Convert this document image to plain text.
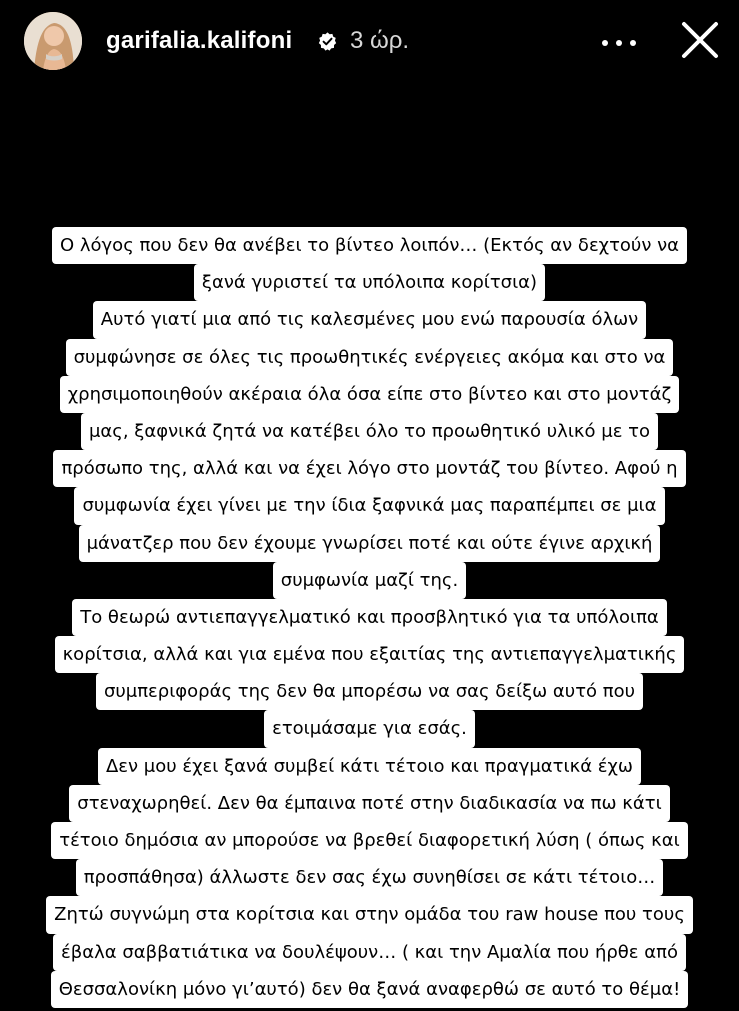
garifalia.kalifoni 3 ώρ.
Ο λόγος που δεν θα ανέβει το βίντεο λοιπόν… (Εκτός αν δεχτούν να
ξανά γυριστεί τα υπόλοιπα κορίτσια)
Αυτό γιατί μια από τις καλεσμένες μου ενώ παρουσία όλων
συμφώνησε σε όλες τις προωθητικές ενέργειες ακόμα και στο να
χρησιμοποιηθούν ακέραια όλα όσα είπε στο βίντεο και στο μοντάζ
μας, ξαφνικά ζητά να κατέβει όλο το προωθητικό υλικό με το
πρόσωπο της, αλλά και να έχει λόγο στο μοντάζ του βίντεο. Αφού η
συμφωνία έχει γίνει με την ίδια ξαφνικά μας παραπέμπει σε μια
μάνατζερ που δεν έχουμε γνωρίσει ποτέ και ούτε έγινε αρχική
συμφωνία μαζί της.
Το θεωρώ αντιεπαγγελματικό και προσβλητικό για τα υπόλοιπα
κορίτσια, αλλά και για εμένα που εξαιτίας της αντιεπαγγελματικής
συμπεριφοράς της δεν θα μπορέσω να σας δείξω αυτό που
ετοιμάσαμε για εσάς.
Δεν μου έχει ξανά συμβεί κάτι τέτοιο και πραγματικά έχω
στεναχωρηθεί. Δεν θα έμπαινα ποτέ στην διαδικασία να πω κάτι
τέτοιο δημόσια αν μπορούσε να βρεθεί διαφορετική λύση ( όπως και
προσπάθησα) άλλωστε δεν σας έχω συνηθίσει σε κάτι τέτοιο…
Ζητώ συγνώμη στα κορίτσια και στην ομάδα του raw house που τους
έβαλα σαββατιάτικα να δουλέψουν… ( και την Αμαλία που ήρθε από
Θεσσαλονίκη μόνο γι’αυτό) δεν θα ξανά αναφερθώ σε αυτό το θέμα!
